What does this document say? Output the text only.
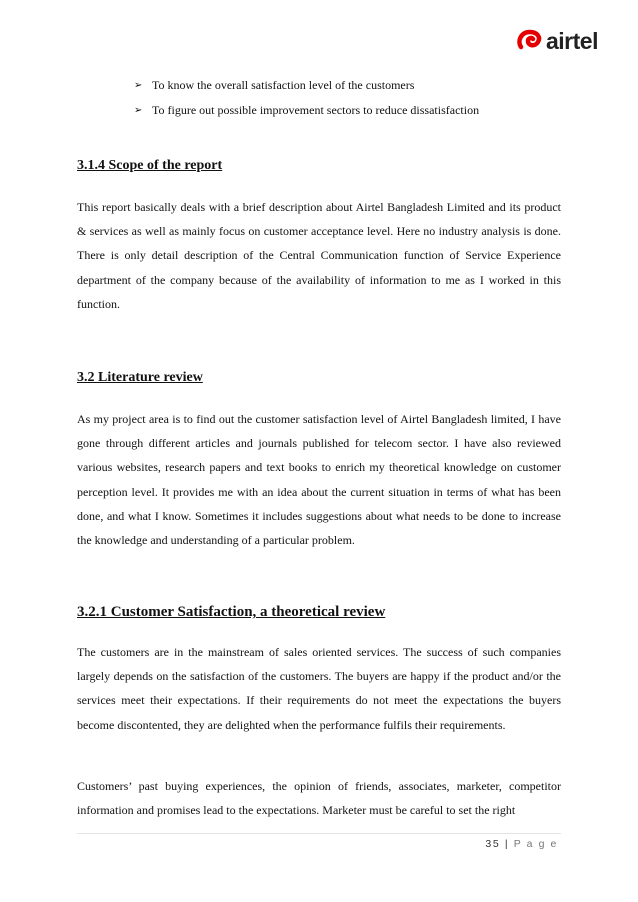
airtel
➢ To know the overall satisfaction level of the customers
➢ To figure out possible improvement sectors to reduce dissatisfaction
3.1.4 Scope of the report
This report basically deals with a brief description about Airtel Bangladesh Limited and its product & services as well as mainly focus on customer acceptance level. Here no industry analysis is done. There is only detail description of the Central Communication function of Service Experience department of the company because of the availability of information to me as I worked in this function.
3.2 Literature review
As my project area is to find out the customer satisfaction level of Airtel Bangladesh limited, I have gone through different articles and journals published for telecom sector. I have also reviewed various websites, research papers and text books to enrich my theoretical knowledge on customer perception level. It provides me with an idea about the current situation in terms of what has been done, and what I know. Sometimes it includes suggestions about what needs to be done to increase the knowledge and understanding of a particular problem.
3.2.1 Customer Satisfaction, a theoretical review
The customers are in the mainstream of sales oriented services. The success of such companies largely depends on the satisfaction of the customers. The buyers are happy if the product and/or the services meet their expectations. If their requirements do not meet the expectations the buyers become discontented, they are delighted when the performance fulfils their requirements.
Customers’ past buying experiences, the opinion of friends, associates, marketer, competitor information and promises lead to the expectations. Marketer must be careful to set the right
35 | P a g e
